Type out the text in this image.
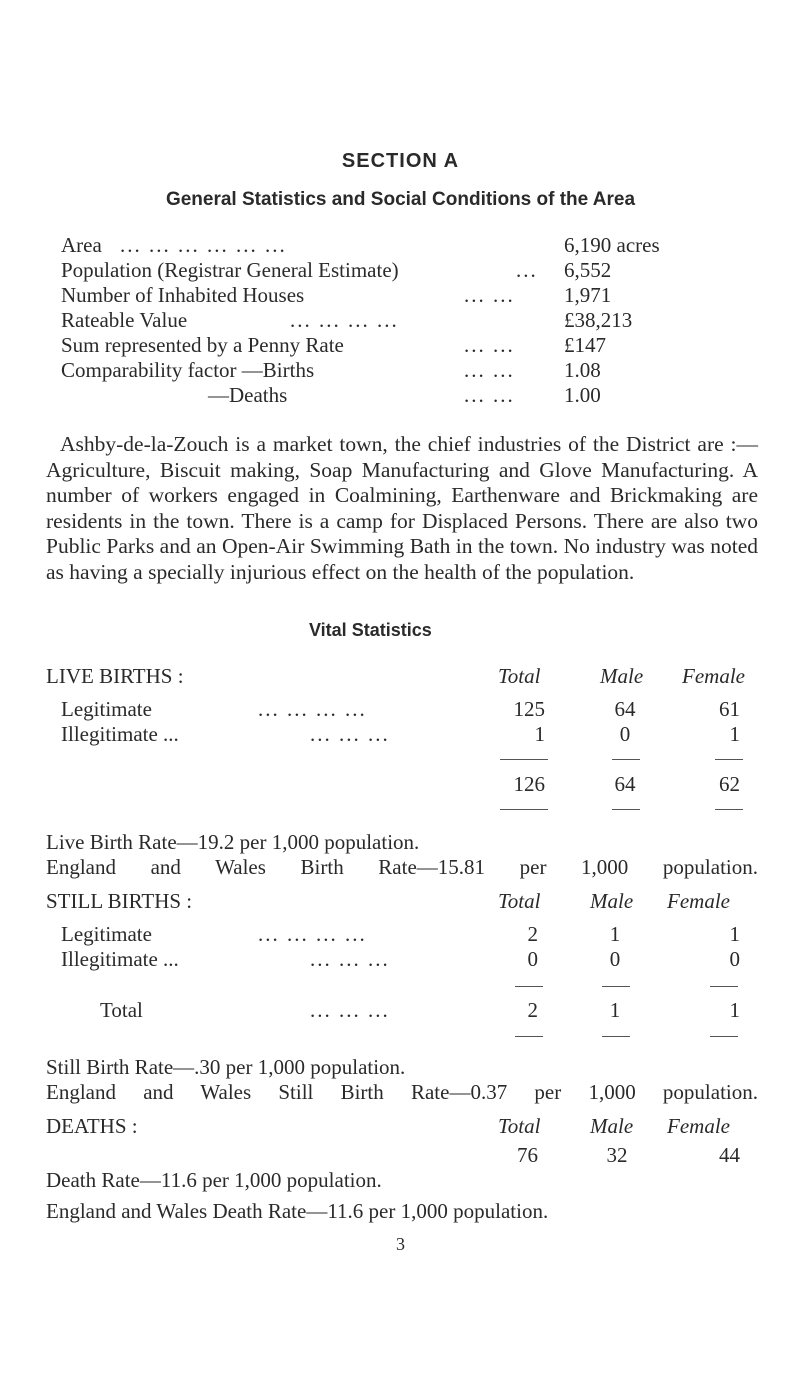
SECTION A
General Statistics and Social Conditions of the Area
Area ... ... ... ... ... ...	6,190 acres
Population (Registrar General Estimate)	... 6,552
Number of Inhabited Houses	... ... 1,971
Rateable Value	... ... ... ...	£38,213
Sum represented by a Penny Rate	... ... £147
Comparability factor —Births	... ... 1.08
—Deaths	... ... 1.00
Ashby-de-la-Zouch is a market town, the chief industries of the District are :—Agriculture, Biscuit making, Soap Manufacturing and Glove Manufacturing. A number of workers engaged in Coalmining, Earthenware and Brickmaking are residents in the town. There is a camp for Displaced Persons. There are also two Public Parks and an Open-Air Swimming Bath in the town. No industry was noted as having a specially injurious effect on the health of the population.
Vital Statistics
LIVE BIRTHS :	Total	Male Female
Legitimate	... ... ... ...	125	64	61
Illegitimate ...	... ... ...	1	0	1
126	64	62
Live Birth Rate—19.2 per 1,000 population.
England and Wales Birth Rate—15.81 per 1,000 population.
STILL BIRTHS :	Total Male Female
Legitimate	... ... ... ...	2	1	1
Illegitimate ...	... ... ...	0	0	0
Total	... ... ...	2	1	1
Still Birth Rate—.30 per 1,000 population.
England and Wales Still Birth Rate—0.37 per 1,000 population.
DEATHS :	Total Male Female
76	32	44
Death Rate—11.6 per 1,000 population.
England and Wales Death Rate—11.6 per 1,000 population.
3
